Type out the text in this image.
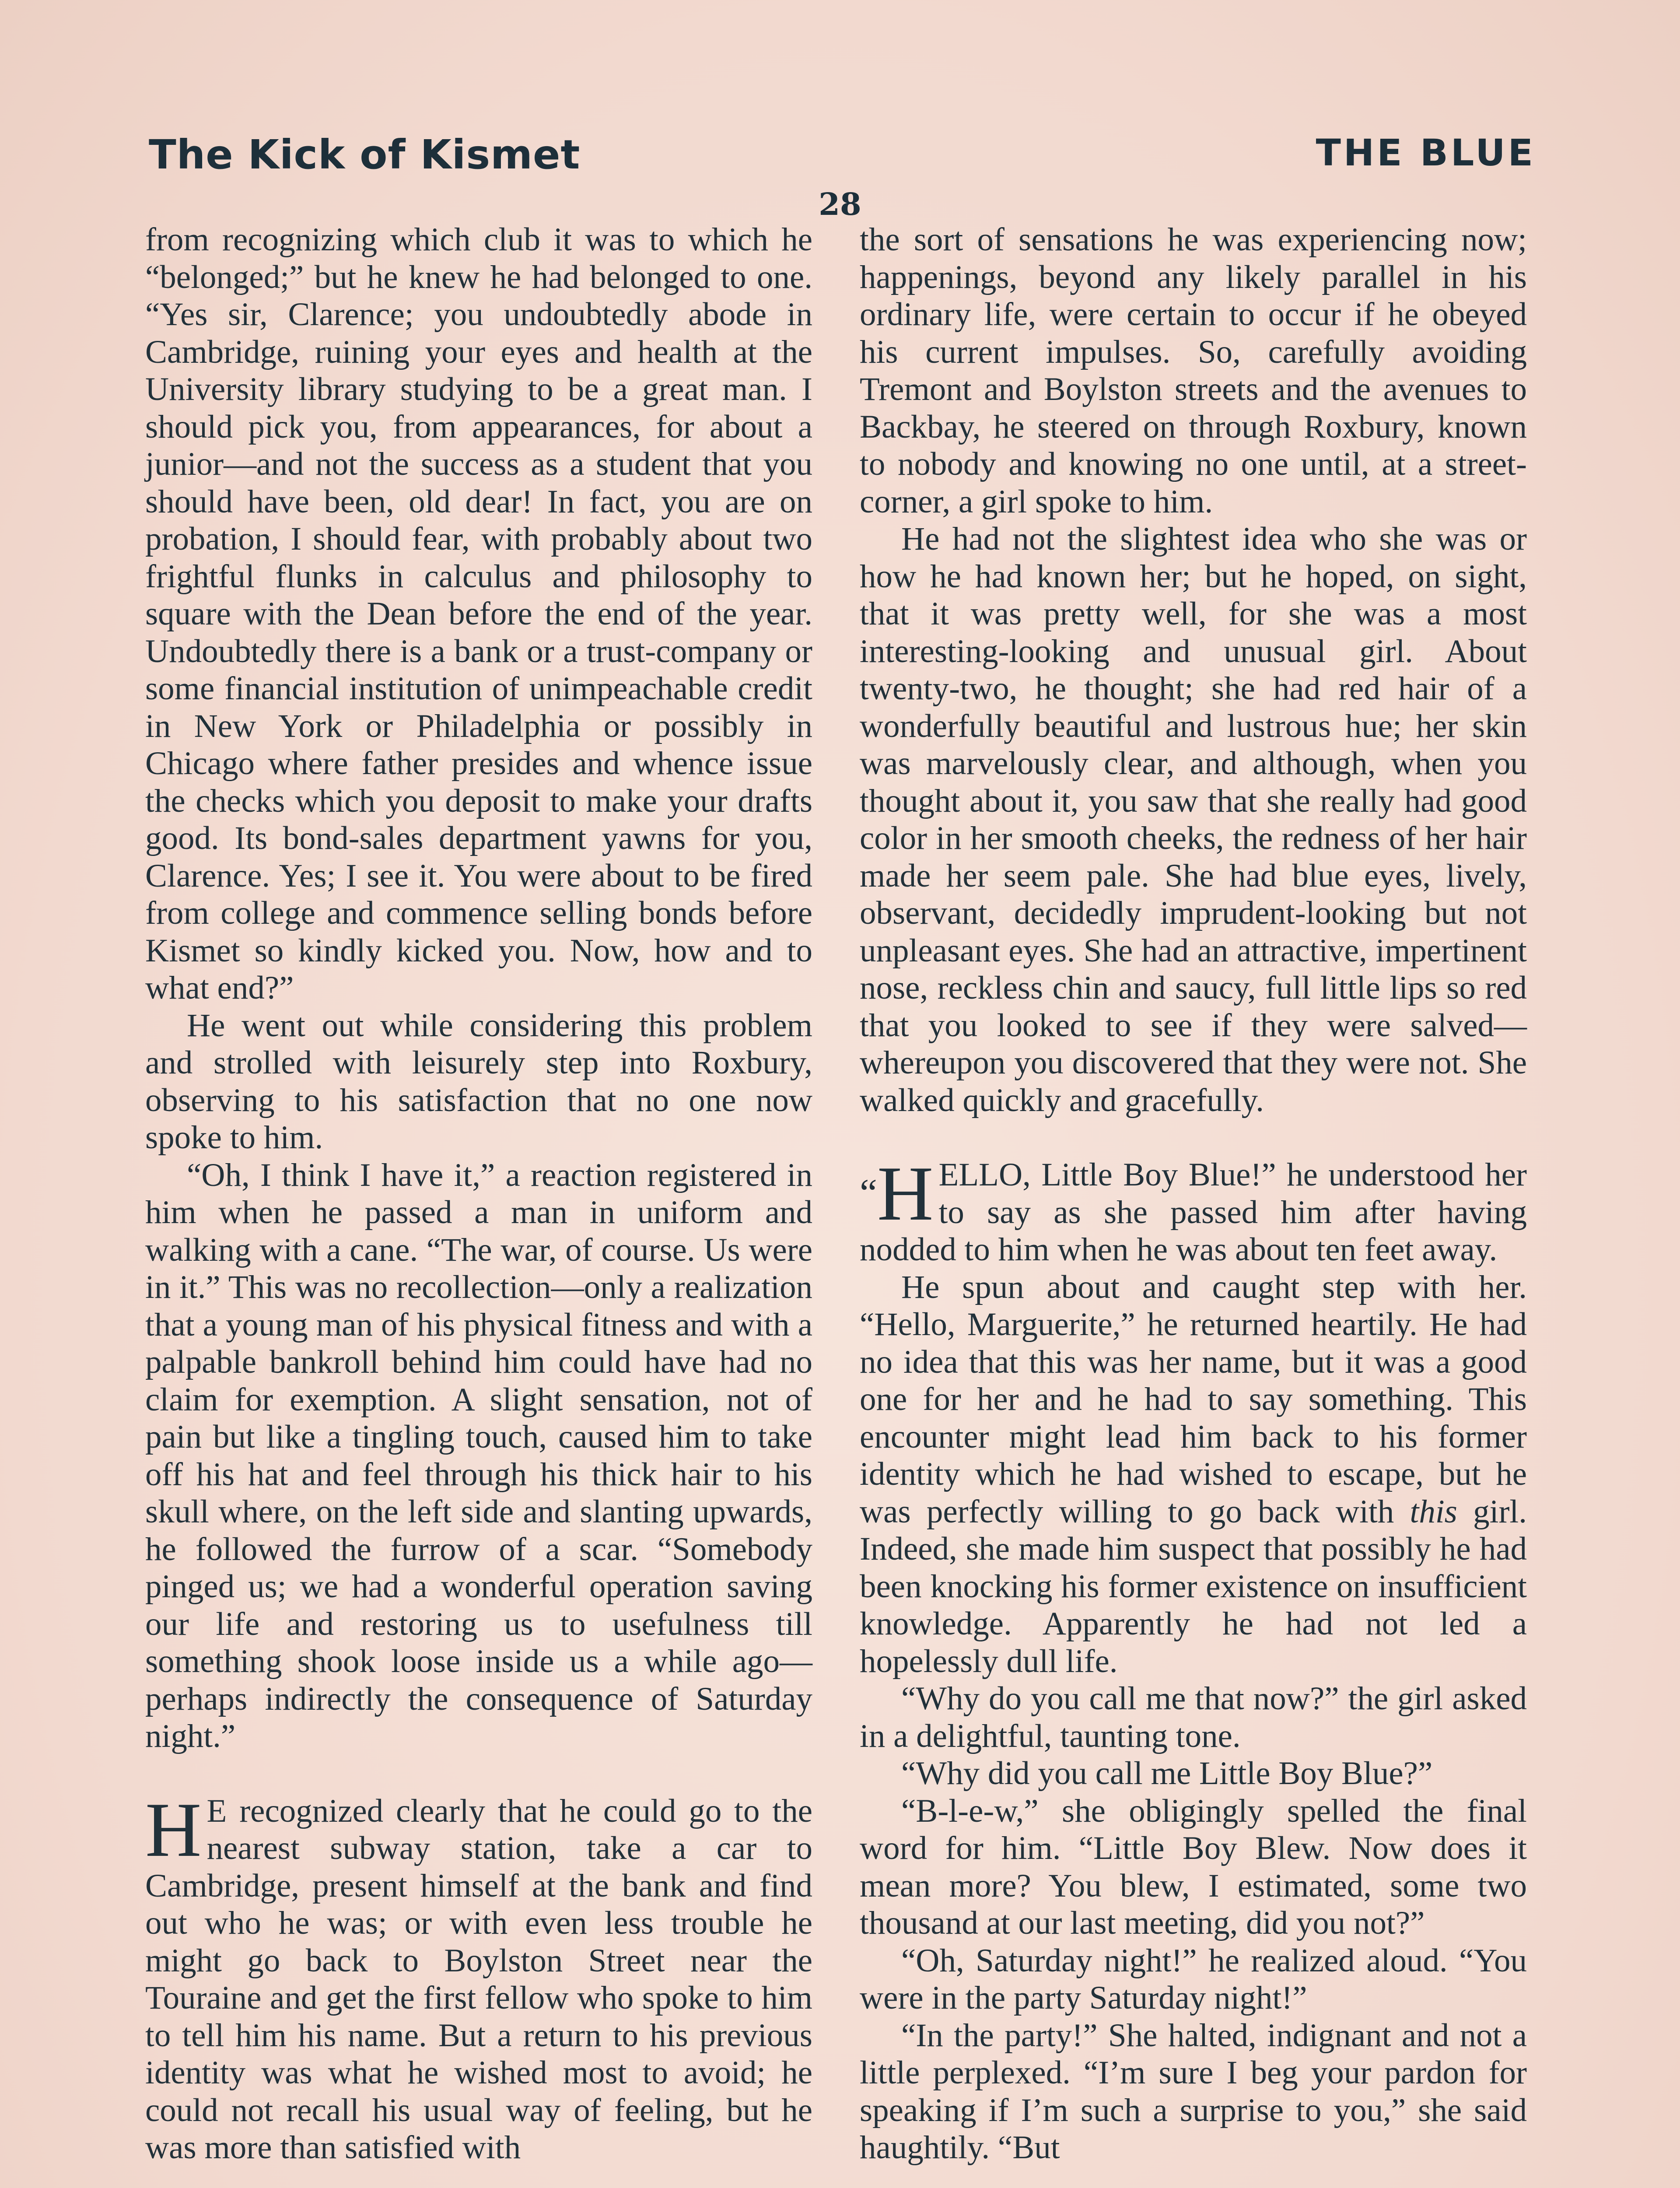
The Kick of Kismet	THE BLUE
28

from recognizing which club it was to which he “belonged;” but he knew he had belonged to one. “Yes sir, Clarence; you undoubtedly abode in Cambridge, ruining your eyes and health at the University library studying to be a great man. I should pick you, from appearances, for about a junior—and not the success as a student that you should have been, old dear! In fact, you are on probation, I should fear, with probably about two frightful flunks in calculus and philosophy to square with the Dean before the end of the year. Undoubtedly there is a bank or a trust-company or some financial institution of unimpeachable credit in New York or Philadelphia or possibly in Chicago where father presides and whence issue the checks which you deposit to make your drafts good. Its bond-sales department yawns for you, Clarence. Yes; I see it. You were about to be fired from college and commence selling bonds before Kismet so kindly kicked you. Now, how and to what end?”

He went out while considering this problem and strolled with leisurely step into Roxbury, observing to his satisfaction that no one now spoke to him.

“Oh, I think I have it,” a reaction registered in him when he passed a man in uniform and walking with a cane. “The war, of course. Us were in it.” This was no recollection—only a realization that a young man of his physical fitness and with a palpable bankroll behind him could have had no claim for exemption. A slight sensation, not of pain but like a tingling touch, caused him to take off his hat and feel through his thick hair to his skull where, on the left side and slanting upwards, he followed the furrow of a scar. “Somebody pinged us; we had a wonderful operation saving our life and restoring us to usefulness till something shook loose inside us a while ago—perhaps indirectly the consequence of Saturday night.”

H E recognized clearly that he could go to the nearest subway station, take a car to Cambridge, present himself at the bank and find out who he was; or with even less trouble he might go back to Boylston Street near the Touraine and get the first fellow who spoke to him to tell him his name. But a return to his previous identity was what he wished most to avoid; he could not recall his usual way of feeling, but he was more than satisfied with

the sort of sensations he was experiencing now; happenings, beyond any likely parallel in his ordinary life, were certain to occur if he obeyed his current impulses. So, carefully avoiding Tremont and Boylston streets and the avenues to Backbay, he steered on through Roxbury, known to nobody and knowing no one until, at a street-corner, a girl spoke to him.

He had not the slightest idea who she was or how he had known her; but he hoped, on sight, that it was pretty well, for she was a most interesting-looking and unusual girl. About twenty-two, he thought; she had red hair of a wonderfully beautiful and lustrous hue; her skin was marvelously clear, and although, when you thought about it, you saw that she really had good color in her smooth cheeks, the redness of her hair made her seem pale. She had blue eyes, lively, observant, decidedly imprudent-looking but not unpleasant eyes. She had an attractive, impertinent nose, reckless chin and saucy, full little lips so red that you looked to see if they were salved—whereupon you discovered that they were not. She walked quickly and gracefully.

“H ELLO, Little Boy Blue!” he understood her to say as she passed him after having nodded to him when he was about ten feet away.

He spun about and caught step with her. “Hello, Marguerite,” he returned heartily. He had no idea that this was her name, but it was a good one for her and he had to say something. This encounter might lead him back to his former identity which he had wished to escape, but he was perfectly willing to go back with this girl. Indeed, she made him suspect that possibly he had been knocking his former existence on insufficient knowledge. Apparently he had not led a hopelessly dull life.

“Why do you call me that now?” the girl asked in a delightful, taunting tone.

“Why did you call me Little Boy Blue?”

“B-l-e-w,” she obligingly spelled the final word for him. “Little Boy Blew. Now does it mean more? You blew, I estimated, some two thousand at our last meeting, did you not?”

“Oh, Saturday night!” he realized aloud. “You were in the party Saturday night!”

“In the party!” She halted, indignant and not a little perplexed. “I’m sure I beg your pardon for speaking if I’m such a surprise to you,” she said haughtily. “But
